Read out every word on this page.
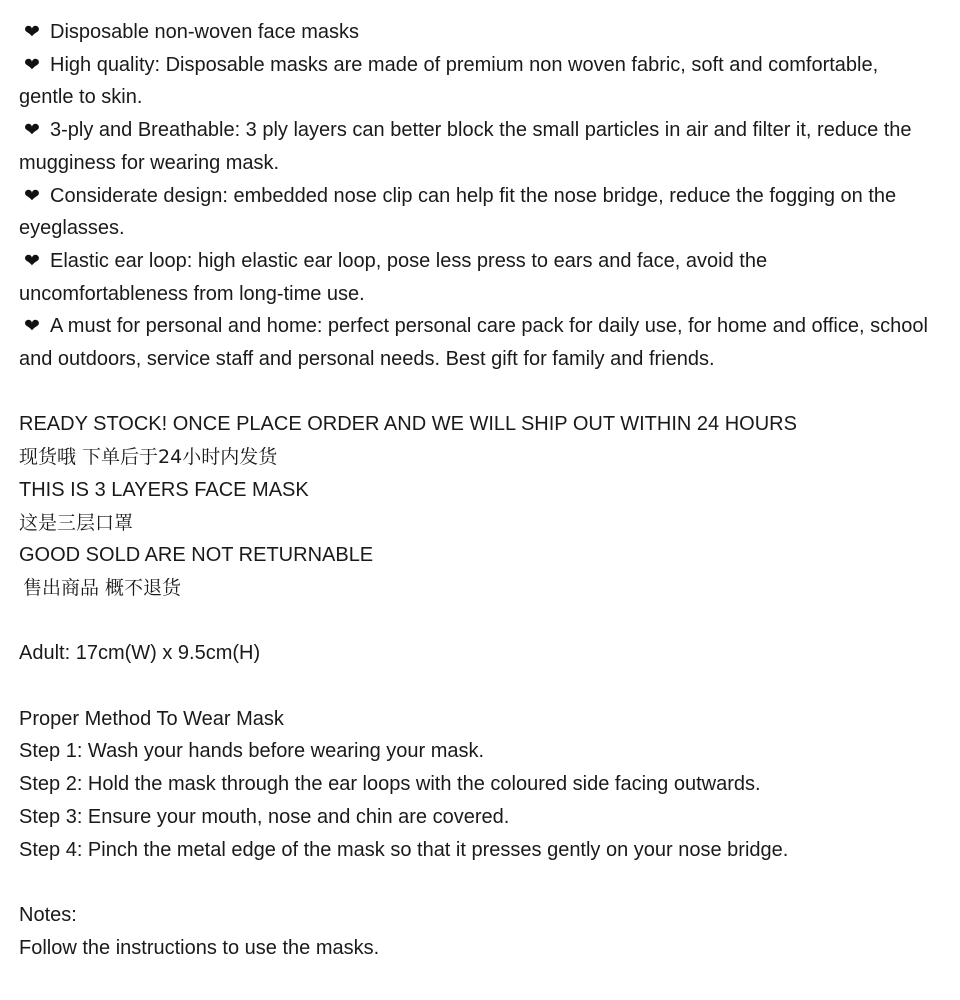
❤ Disposable non-woven face masks

❤ High quality: Disposable masks are made of premium non woven fabric, soft and comfortable, gentle to skin.

❤ 3-ply and Breathable: 3 ply layers can better block the small particles in air and filter it, reduce the mugginess for wearing mask.

❤ Considerate design: embedded nose clip can help fit the nose bridge, reduce the fogging on the eyeglasses.

❤ Elastic ear loop: high elastic ear loop, pose less press to ears and face, avoid the uncomfortableness from long-time use.

❤ A must for personal and home: perfect personal care pack for daily use, for home and office, school and outdoors, service staff and personal needs. Best gift for family and friends.

READY STOCK! ONCE PLACE ORDER AND WE WILL SHIP OUT WITHIN 24 HOURS

现货哦 下单后于24小时内发货

THIS IS 3 LAYERS FACE MASK

这是三层口罩

GOOD SOLD ARE NOT RETURNABLE

售出商品 概不退货

Adult: 17cm(W) x 9.5cm(H)

Proper Method To Wear Mask

Step 1: Wash your hands before wearing your mask.

Step 2: Hold the mask through the ear loops with the coloured side facing outwards.

Step 3: Ensure your mouth, nose and chin are covered.

Step 4: Pinch the metal edge of the mask so that it presses gently on your nose bridge.

Notes:

Follow the instructions to use the masks.
